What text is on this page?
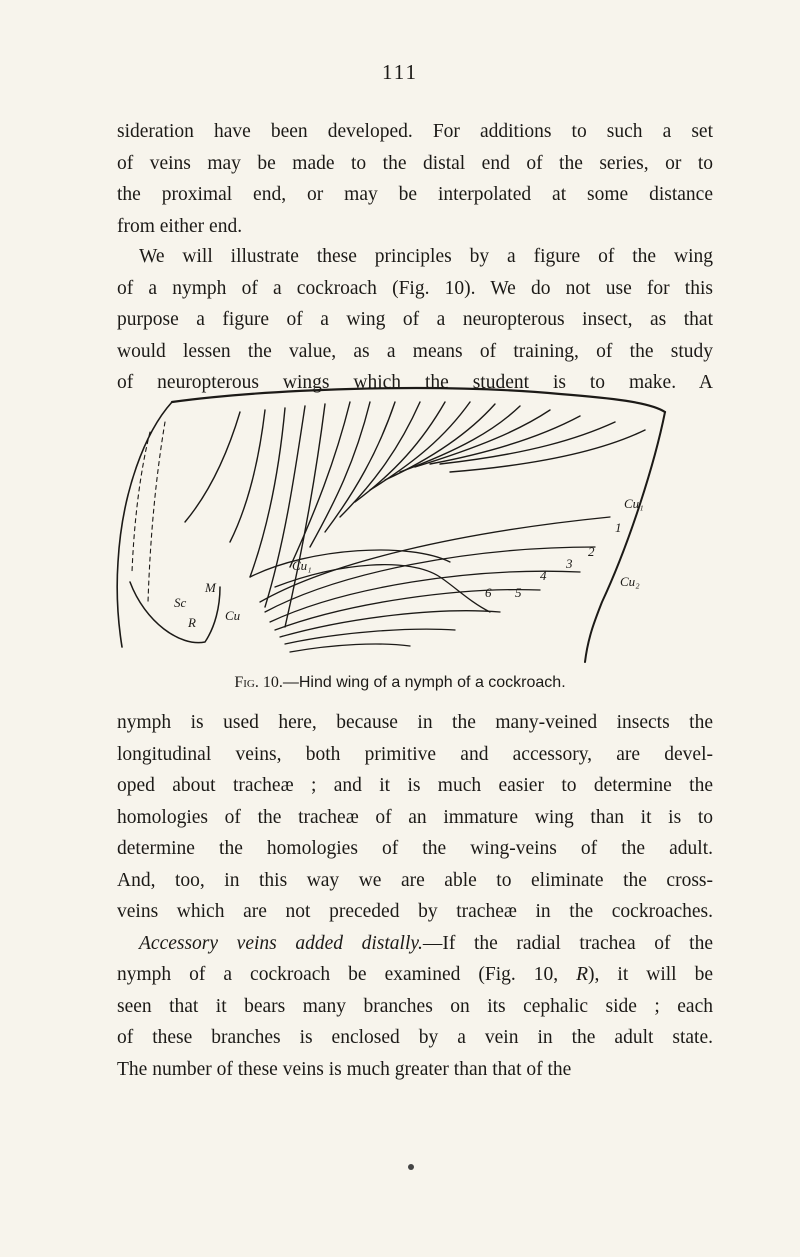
111

sideration have been developed. For additions to such a set
of veins may be made to the distal end of the series, or to
the proximal end, or may be interpolated at some distance
from either end.

We will illustrate these principles by a figure of the wing
of a nymph of a cockroach (Fig. 10). We do not use for this
purpose a figure of a wing of a neuropterous insect, as that
would lessen the value, as a means of training, of the study
of neuropterous wings which the student is to make. A

Sc
R
M
Cu
Cu₁
Cu₁
Cu₂
1
2
3
4
5
6
Fig. 10.—Hind wing of a nymph of a cockroach.

nymph is used here, because in the many-veined insects the
longitudinal veins, both primitive and accessory, are devel-
oped about tracheæ ; and it is much easier to determine the
homologies of the tracheæ of an immature wing than it is to
determine the homologies of the wing-veins of the adult.
And, too, in this way we are able to eliminate the cross-
veins which are not preceded by tracheæ in the cockroaches.
Accessory veins added distally.—If the radial trachea of the
nymph of a cockroach be examined (Fig. 10, R), it will be
seen that it bears many branches on its cephalic side ; each
of these branches is enclosed by a vein in the adult state.
The number of these veins is much greater than that of the
